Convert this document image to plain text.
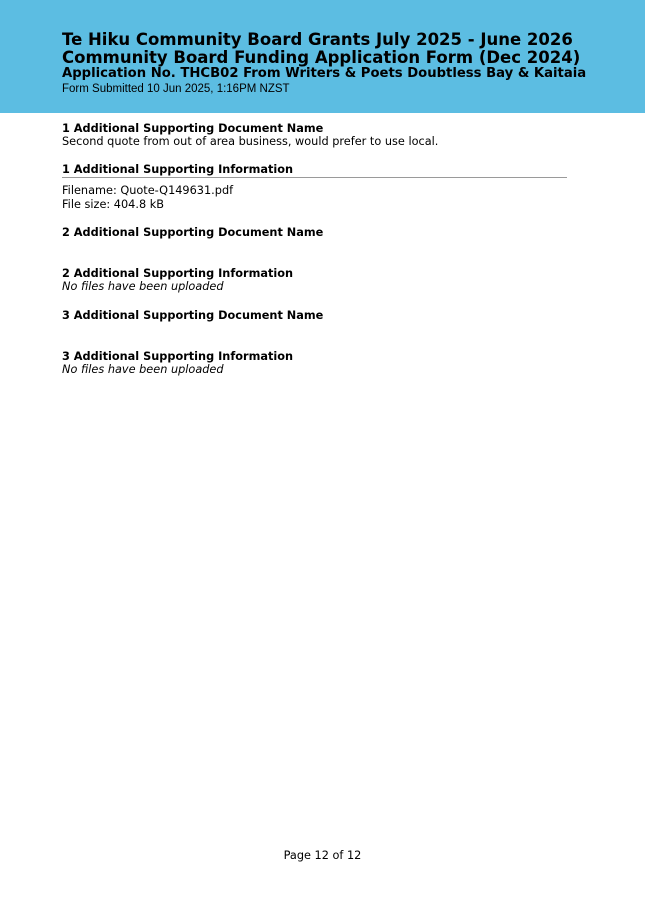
Te Hiku Community Board Grants July 2025 - June 2026
Community Board Funding Application Form (Dec 2024)
Application No. THCB02 From Writers & Poets Doubtless Bay & Kaitaia
Form Submitted 10 Jun 2025, 1:16PM NZST
1 Additional Supporting Document Name
Second quote from out of area business, would prefer to use local.
1 Additional Supporting Information
Filename: Quote-Q149631.pdf
File size: 404.8 kB
2 Additional Supporting Document Name
2 Additional Supporting Information
No files have been uploaded
3 Additional Supporting Document Name
3 Additional Supporting Information
No files have been uploaded
Page 12 of 12
